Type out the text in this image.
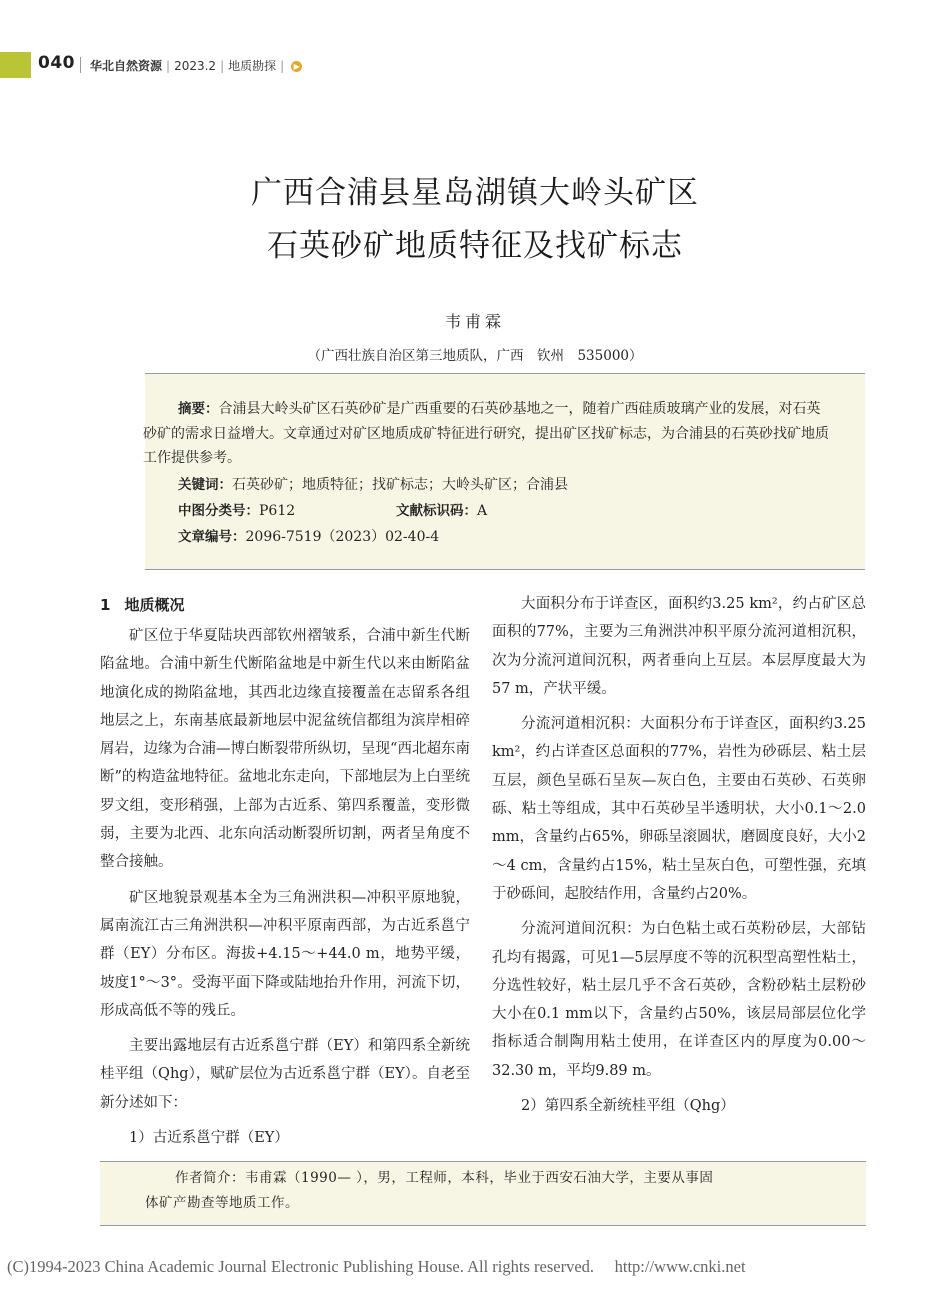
040 华北自然资源 | 2023.2 | 地质勘探 | ▶
广西合浦县星岛湖镇大岭头矿区
石英砂矿地质特征及找矿标志
韦甫霖
（广西壮族自治区第三地质队，广西　钦州　535000）
摘要：合浦县大岭头矿区石英砂矿是广西重要的石英砂基地之一，随着广西硅质玻璃产业的发展，对石英砂矿的需求日益增大。文章通过对矿区地质成矿特征进行研究，提出矿区找矿标志，为合浦县的石英砂找矿地质工作提供参考。
关键词：石英砂矿；地质特征；找矿标志；大岭头矿区；合浦县
中图分类号：P612	文献标识码：A
文章编号：2096-7519（2023）02-40-4
1 地质概况

矿区位于华夏陆块西部钦州褶皱系，合浦中新生代断陷盆地。合浦中新生代断陷盆地是中新生代以来由断陷盆地演化成的拗陷盆地，其西北边缘直接覆盖在志留系各组地层之上，东南基底最新地层中泥盆统信都组为滨岸相碎屑岩，边缘为合浦—博白断裂带所纵切，呈现“西北超东南断”的构造盆地特征。盆地北东走向，下部地层为上白垩统罗文组，变形稍强，上部为古近系、第四系覆盖，变形微弱，主要为北西、北东向活动断裂所切割，两者呈角度不整合接触。

矿区地貌景观基本全为三角洲洪积—冲积平原地貌，属南流江古三角洲洪积—冲积平原南西部，为古近系邕宁群（EY）分布区。海拔+4.15～+44.0 m，地势平缓，坡度1°～3°。受海平面下降或陆地抬升作用，河流下切，形成高低不等的残丘。

主要出露地层有古近系邕宁群（EY）和第四系全新统桂平组（Qhg），赋矿层位为古近系邕宁群（EY）。自老至新分述如下：

1）古近系邕宁群（EY）

大面积分布于详查区，面积约3.25 km²，约占矿区总面积的77%，主要为三角洲洪冲积平原分流河道相沉积，次为分流河道间沉积，两者垂向上互层。本层厚度最大为57 m，产状平缓。

分流河道相沉积：大面积分布于详查区，面积约3.25 km²，约占详查区总面积的77%，岩性为砂砾层、粘土层互层，颜色呈砾石呈灰—灰白色，主要由石英砂、石英卵砾、粘土等组成，其中石英砂呈半透明状，大小0.1～2.0 mm，含量约占65%，卵砾呈滚圆状，磨圆度良好，大小2～4 cm，含量约占15%，粘土呈灰白色，可塑性强，充填于砂砾间，起胶结作用，含量约占20%。

分流河道间沉积：为白色粘土或石英粉砂层，大部钻孔均有揭露，可见1—5层厚度不等的沉积型高塑性粘土，分选性较好，粘土层几乎不含石英砂，含粉砂粘土层粉砂大小在0.1 mm以下，含量约占50%，该层局部层位化学指标适合制陶用粘土使用，在详查区内的厚度为0.00～32.30 m，平均9.89 m。

2）第四系全新统桂平组（Qhg）
作者简介：韦甫霖（1990— ），男，工程师，本科，毕业于西安石油大学，主要从事固
体矿产勘查等地质工作。
(C)1994-2023 China Academic Journal Electronic Publishing House. All rights reserved.　 http://www.cnki.net
